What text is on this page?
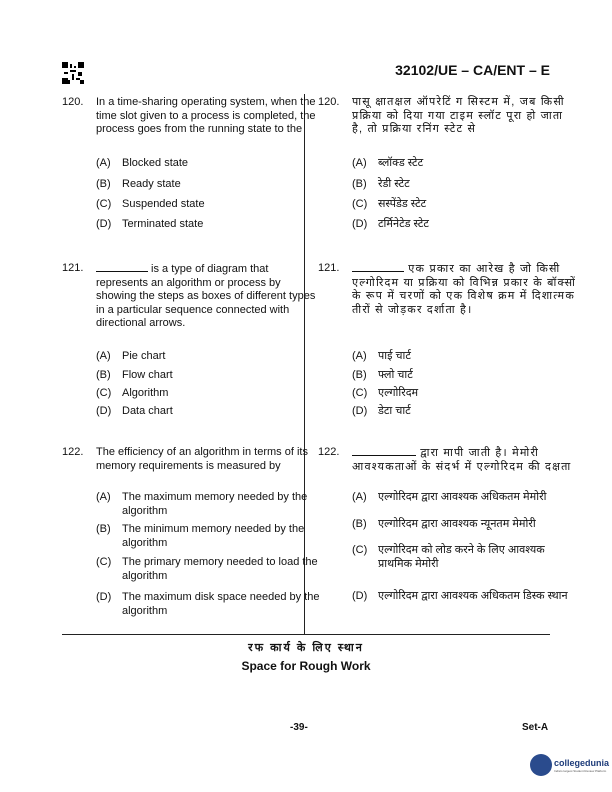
32102/UE – CA/ENT – E
120. In a time-sharing operating system, when the time slot given to a process is completed, the process goes from the running state to the
(A) Blocked state
(B) Ready state
(C) Suspended state
(D) Terminated state
120. पासू क्षातक्षल ऑपरेटिं ग सिस्टम में, जब किसी प्रक्रिया को दिया गया टाइम स्लॉट पूरा हो जाता है, तो प्रक्रिया रनिंग स्टेट से
(A) ब्लॉक्ड स्टेट
(B) रेडी स्टेट
(C) सस्पेंडेड स्टेट
(D) टर्मिनेटेड स्टेट
121.	is a type of diagram that represents an algorithm or process by showing the steps as boxes of different types in a particular sequence connected with directional arrows.
(A) Pie chart
(B) Flow chart
(C) Algorithm
(D) Data chart
121.	एक प्रकार का आरेख है जो किसी एल्गोरिदम या प्रक्रिया को विभिन्न प्रकार के बॉक्सों के रूप में चरणों को एक विशेष क्रम में दिशात्मक तीरों से जोड़कर दर्शाता है।
(A) पाई चार्ट
(B) फ्लो चार्ट
(C) एल्गोरिदम
(D) डेटा चार्ट
122. The efficiency of an algorithm in terms of its memory requirements is measured by
(A) The maximum memory needed by the algorithm
(B) The minimum memory needed by the algorithm
(C) The primary memory needed to load the algorithm
(D) The maximum disk space needed by the algorithm
122.	द्वारा मापी जाती है। मेमोरी आवश्यकताओं के संदर्भ में एल्गोरिदम की दक्षता
(A) एल्गोरिदम द्वारा आवश्यक अधिकतम मेमोरी
(B) एल्गोरिदम द्वारा आवश्यक न्यूनतम मेमोरी
(C) एल्गोरिदम को लोड करने के लिए आवश्यक प्राथमिक मेमोरी
(D) एल्गोरिदम द्वारा आवश्यक अधिकतम डिस्क स्थान
रफ कार्य के लिए स्थान
Space for Rough Work
-39-	Set-A
collegedunia
India's largest Student Review Platform
